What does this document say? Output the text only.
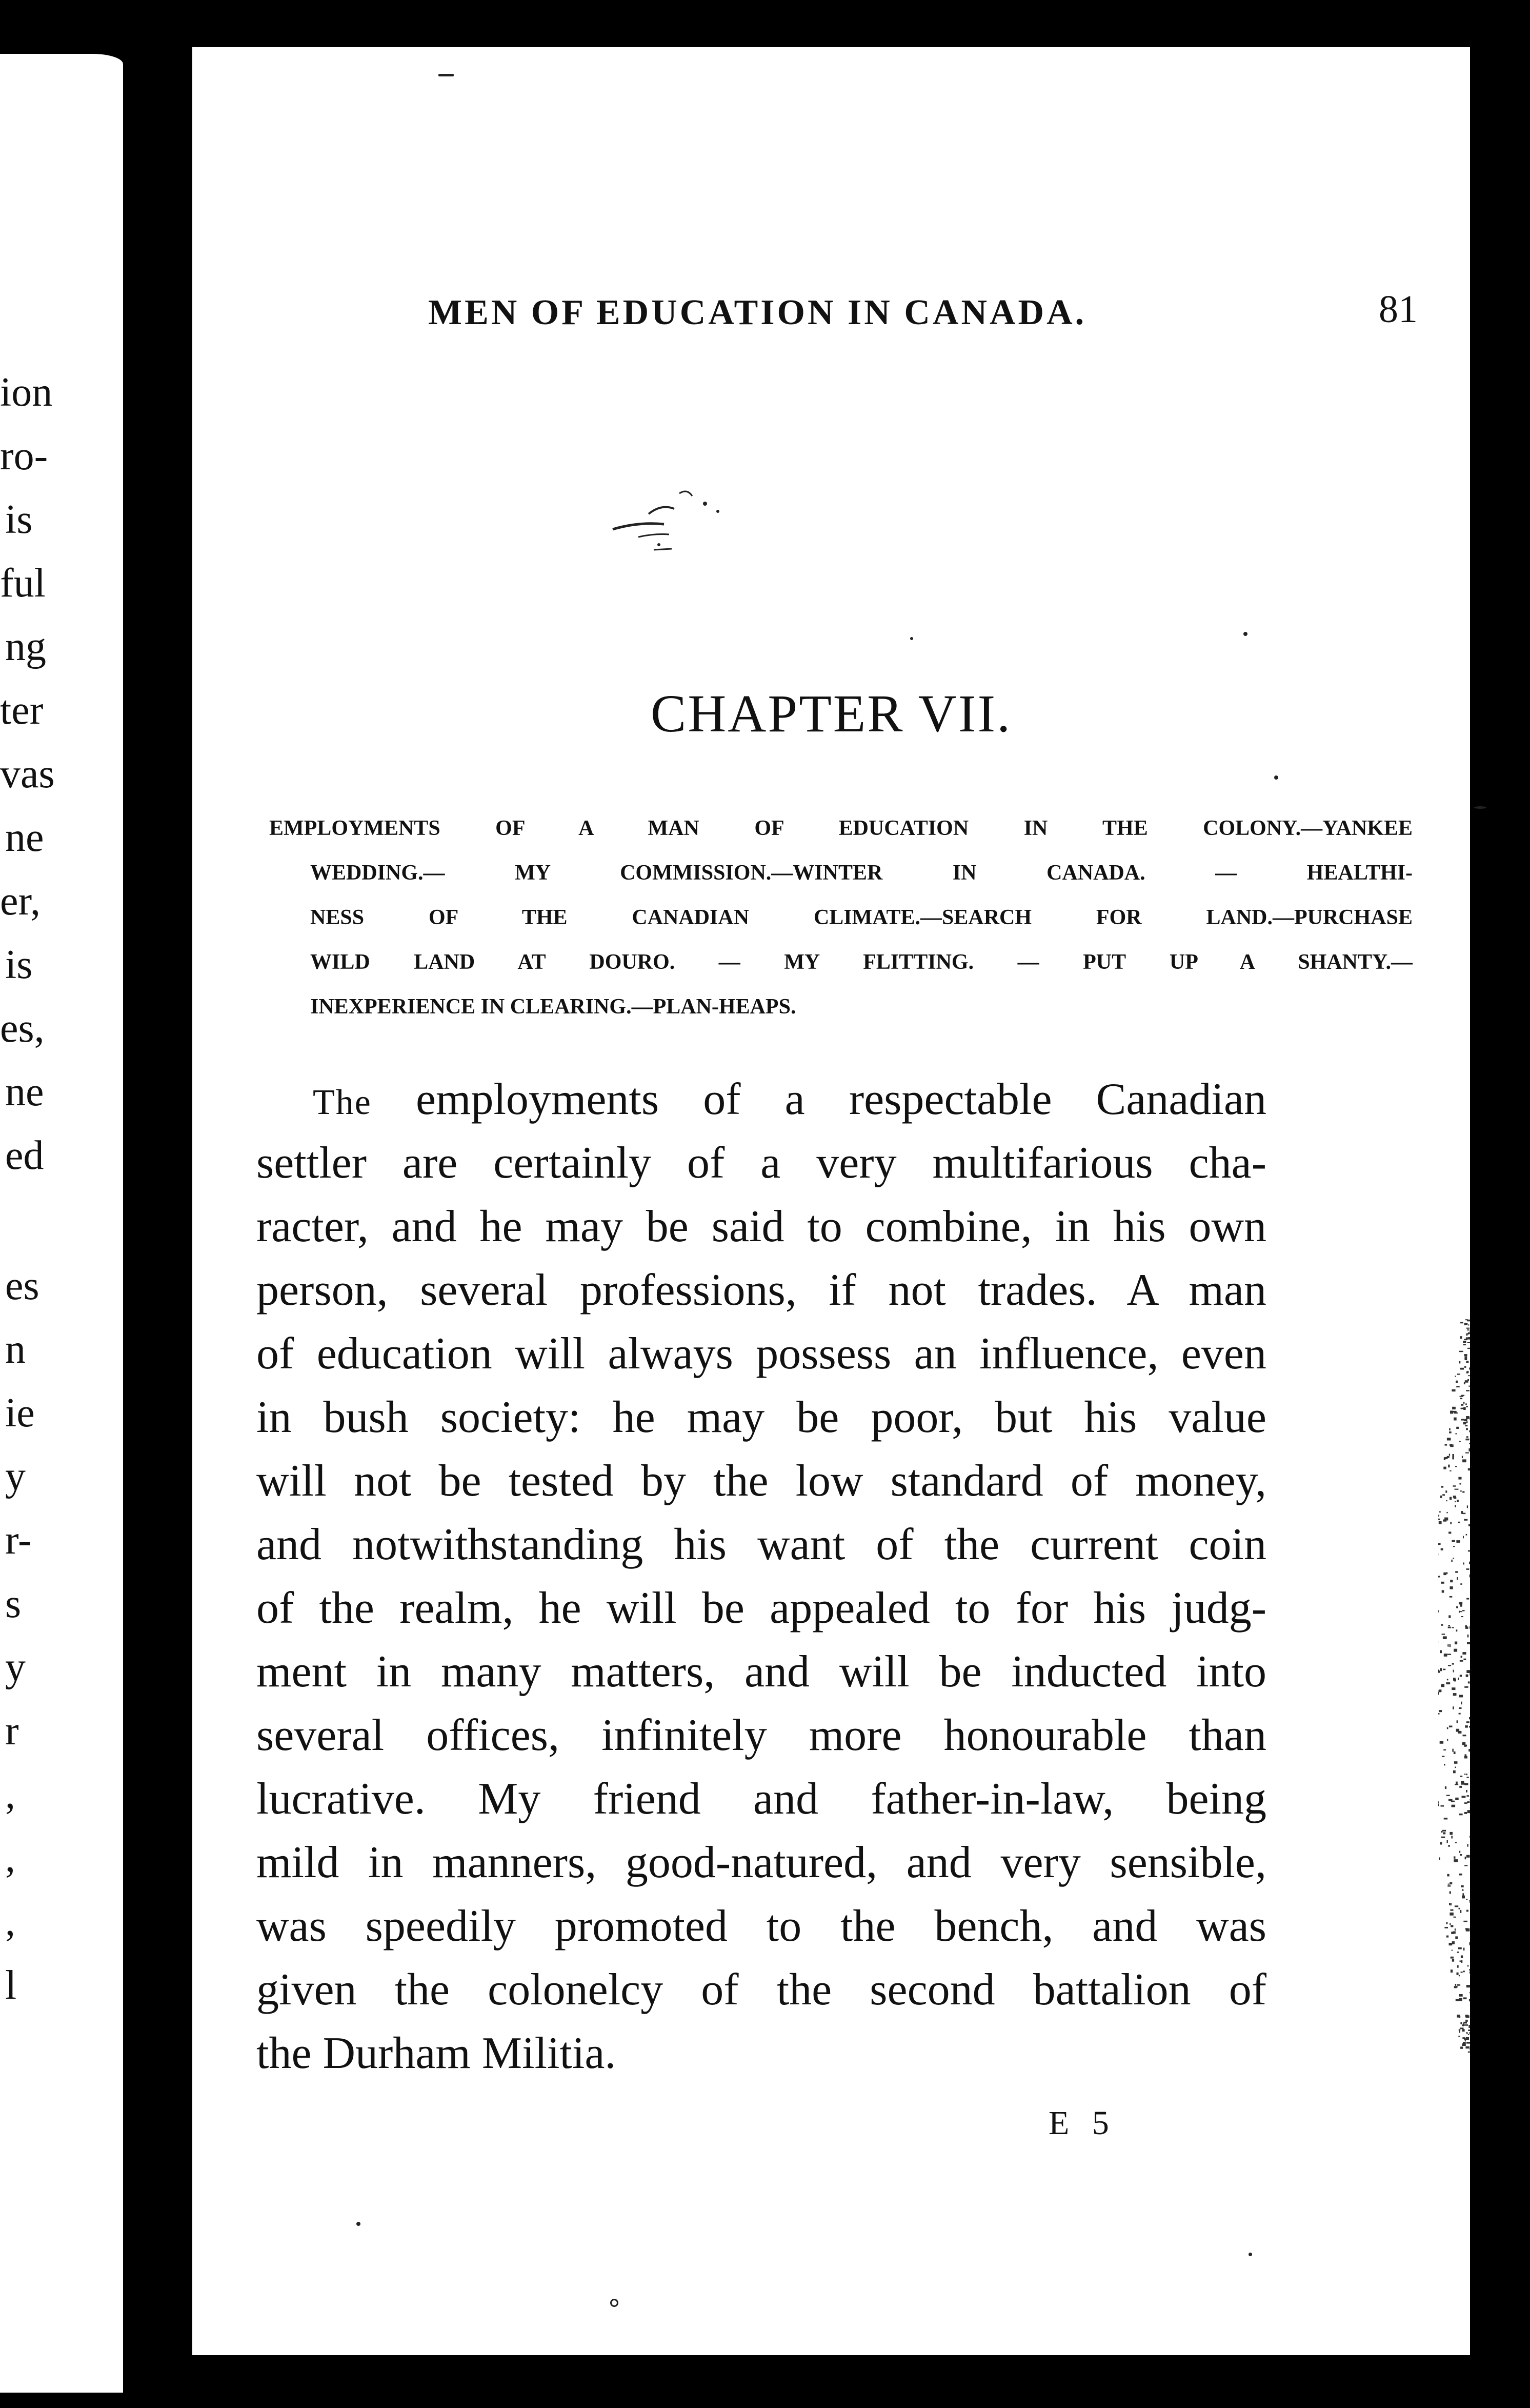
ion
ro-
is
ful
ng
ter
vas
ne
er,
is
es,
ne
ed
es
n
ie
y
r-
s
y
r
,
,
,
l
MEN OF EDUCATION IN CANADA.	81
CHAPTER VII.
EMPLOYMENTS OF A MAN OF EDUCATION IN THE COLONY.—YANKEE
WEDDING.— MY COMMISSION.—WINTER IN CANADA. — HEALTHI-
NESS OF THE CANADIAN CLIMATE.—SEARCH FOR LAND.—PURCHASE
WILD LAND AT DOURO. — MY FLITTING. — PUT UP A SHANTY.—
INEXPERIENCE IN CLEARING.—PLAN-HEAPS.
The employments of a respectable Canadian
settler are certainly of a very multifarious cha-
racter, and he may be said to combine, in his own
person, several professions, if not trades. A man
of education will always possess an influence, even
in bush society: he may be poor, but his value
will not be tested by the low standard of money,
and notwithstanding his want of the current coin
of the realm, he will be appealed to for his judg-
ment in many matters, and will be inducted into
several offices, infinitely more honourable than
lucrative. My friend and father-in-law, being
mild in manners, good-natured, and very sensible,
was speedily promoted to the bench, and was
given the colonelcy of the second battalion of
the Durham Militia.
E 5
